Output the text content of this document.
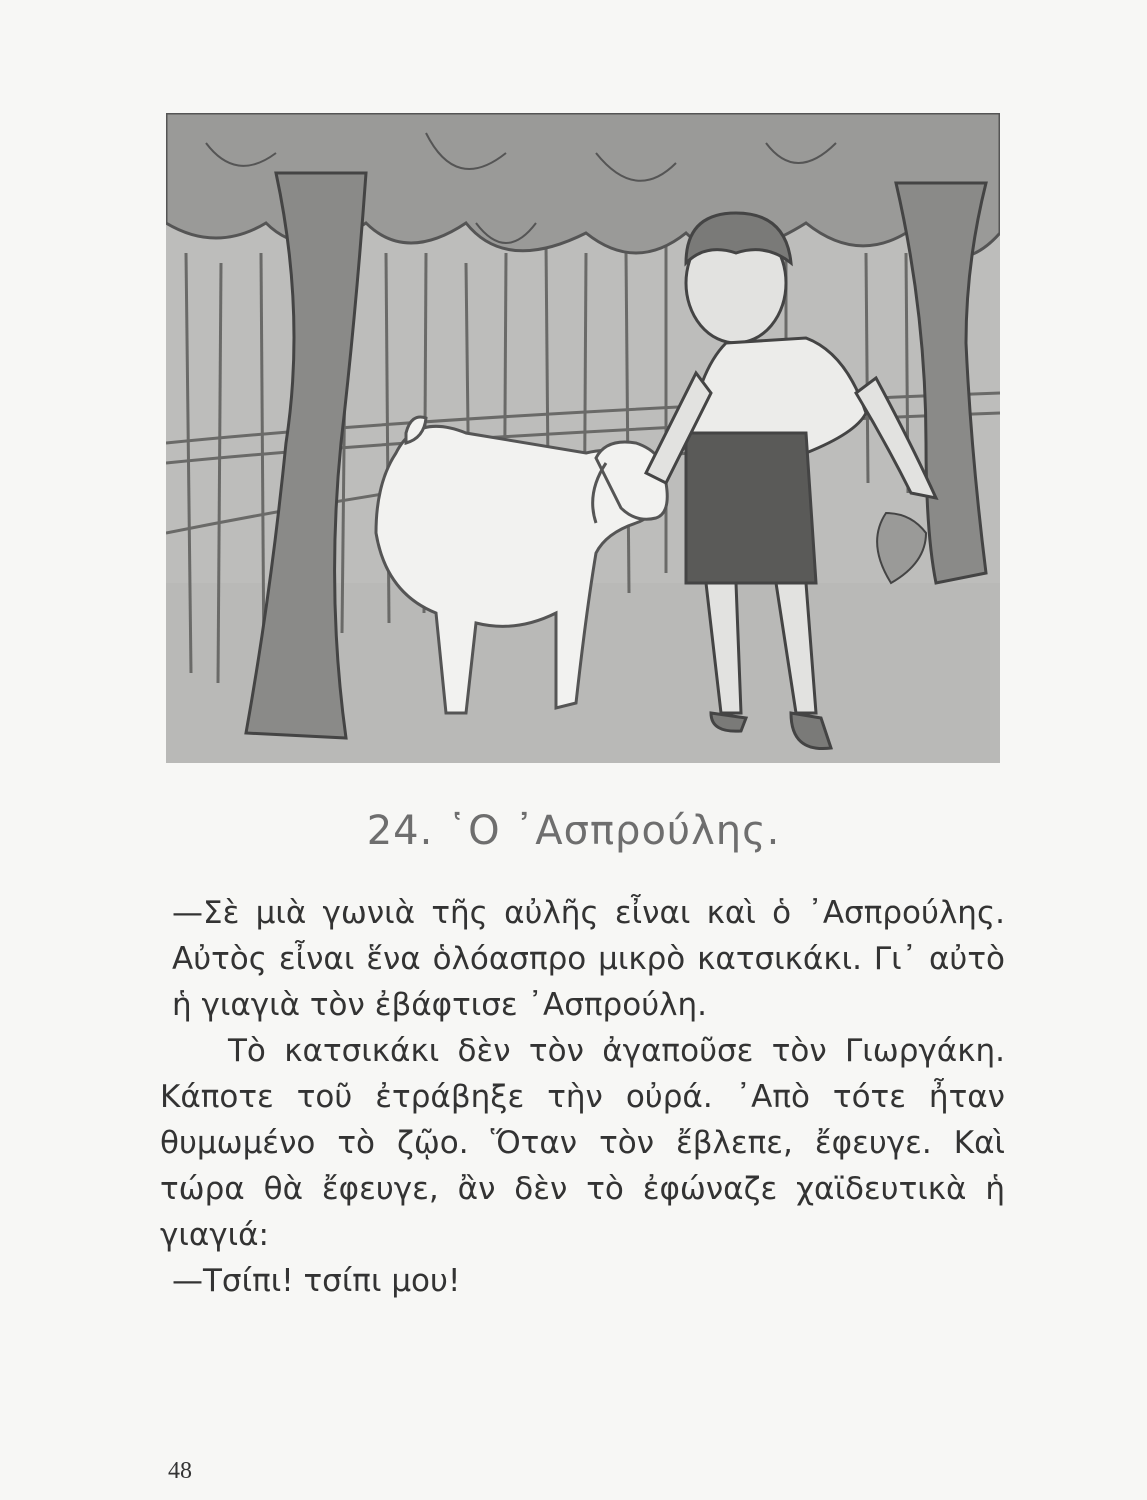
24. ῾Ο ᾿Ασπρούλης.

—Σὲ μιὰ γωνιὰ τῆς αὐλῆς εἶναι καὶ ὁ ᾿Ασπρούλης. Αὐτὸς εἶναι ἕνα ὁλόασπρο μικρὸ κατσικάκι. Γι᾿ αὐτὸ ἡ γιαγιὰ τὸν ἐβάφτισε ᾿Ασπρούλη.

Τὸ κατσικάκι δὲν τὸν ἀγαποῦσε τὸν Γιωργάκη. Κάποτε τοῦ ἐτράβηξε τὴν οὐρά. ᾿Απὸ τότε ἦταν θυμωμένο τὸ ζῷο. Ὅταν τὸν ἔβλεπε, ἔφευγε. Καὶ τώρα θὰ ἔφευγε, ἂν δὲν τὸ ἐφώναζε χαϊδευτικὰ ἡ γιαγιά:

—Τσίπι! τσίπι μου!

48
